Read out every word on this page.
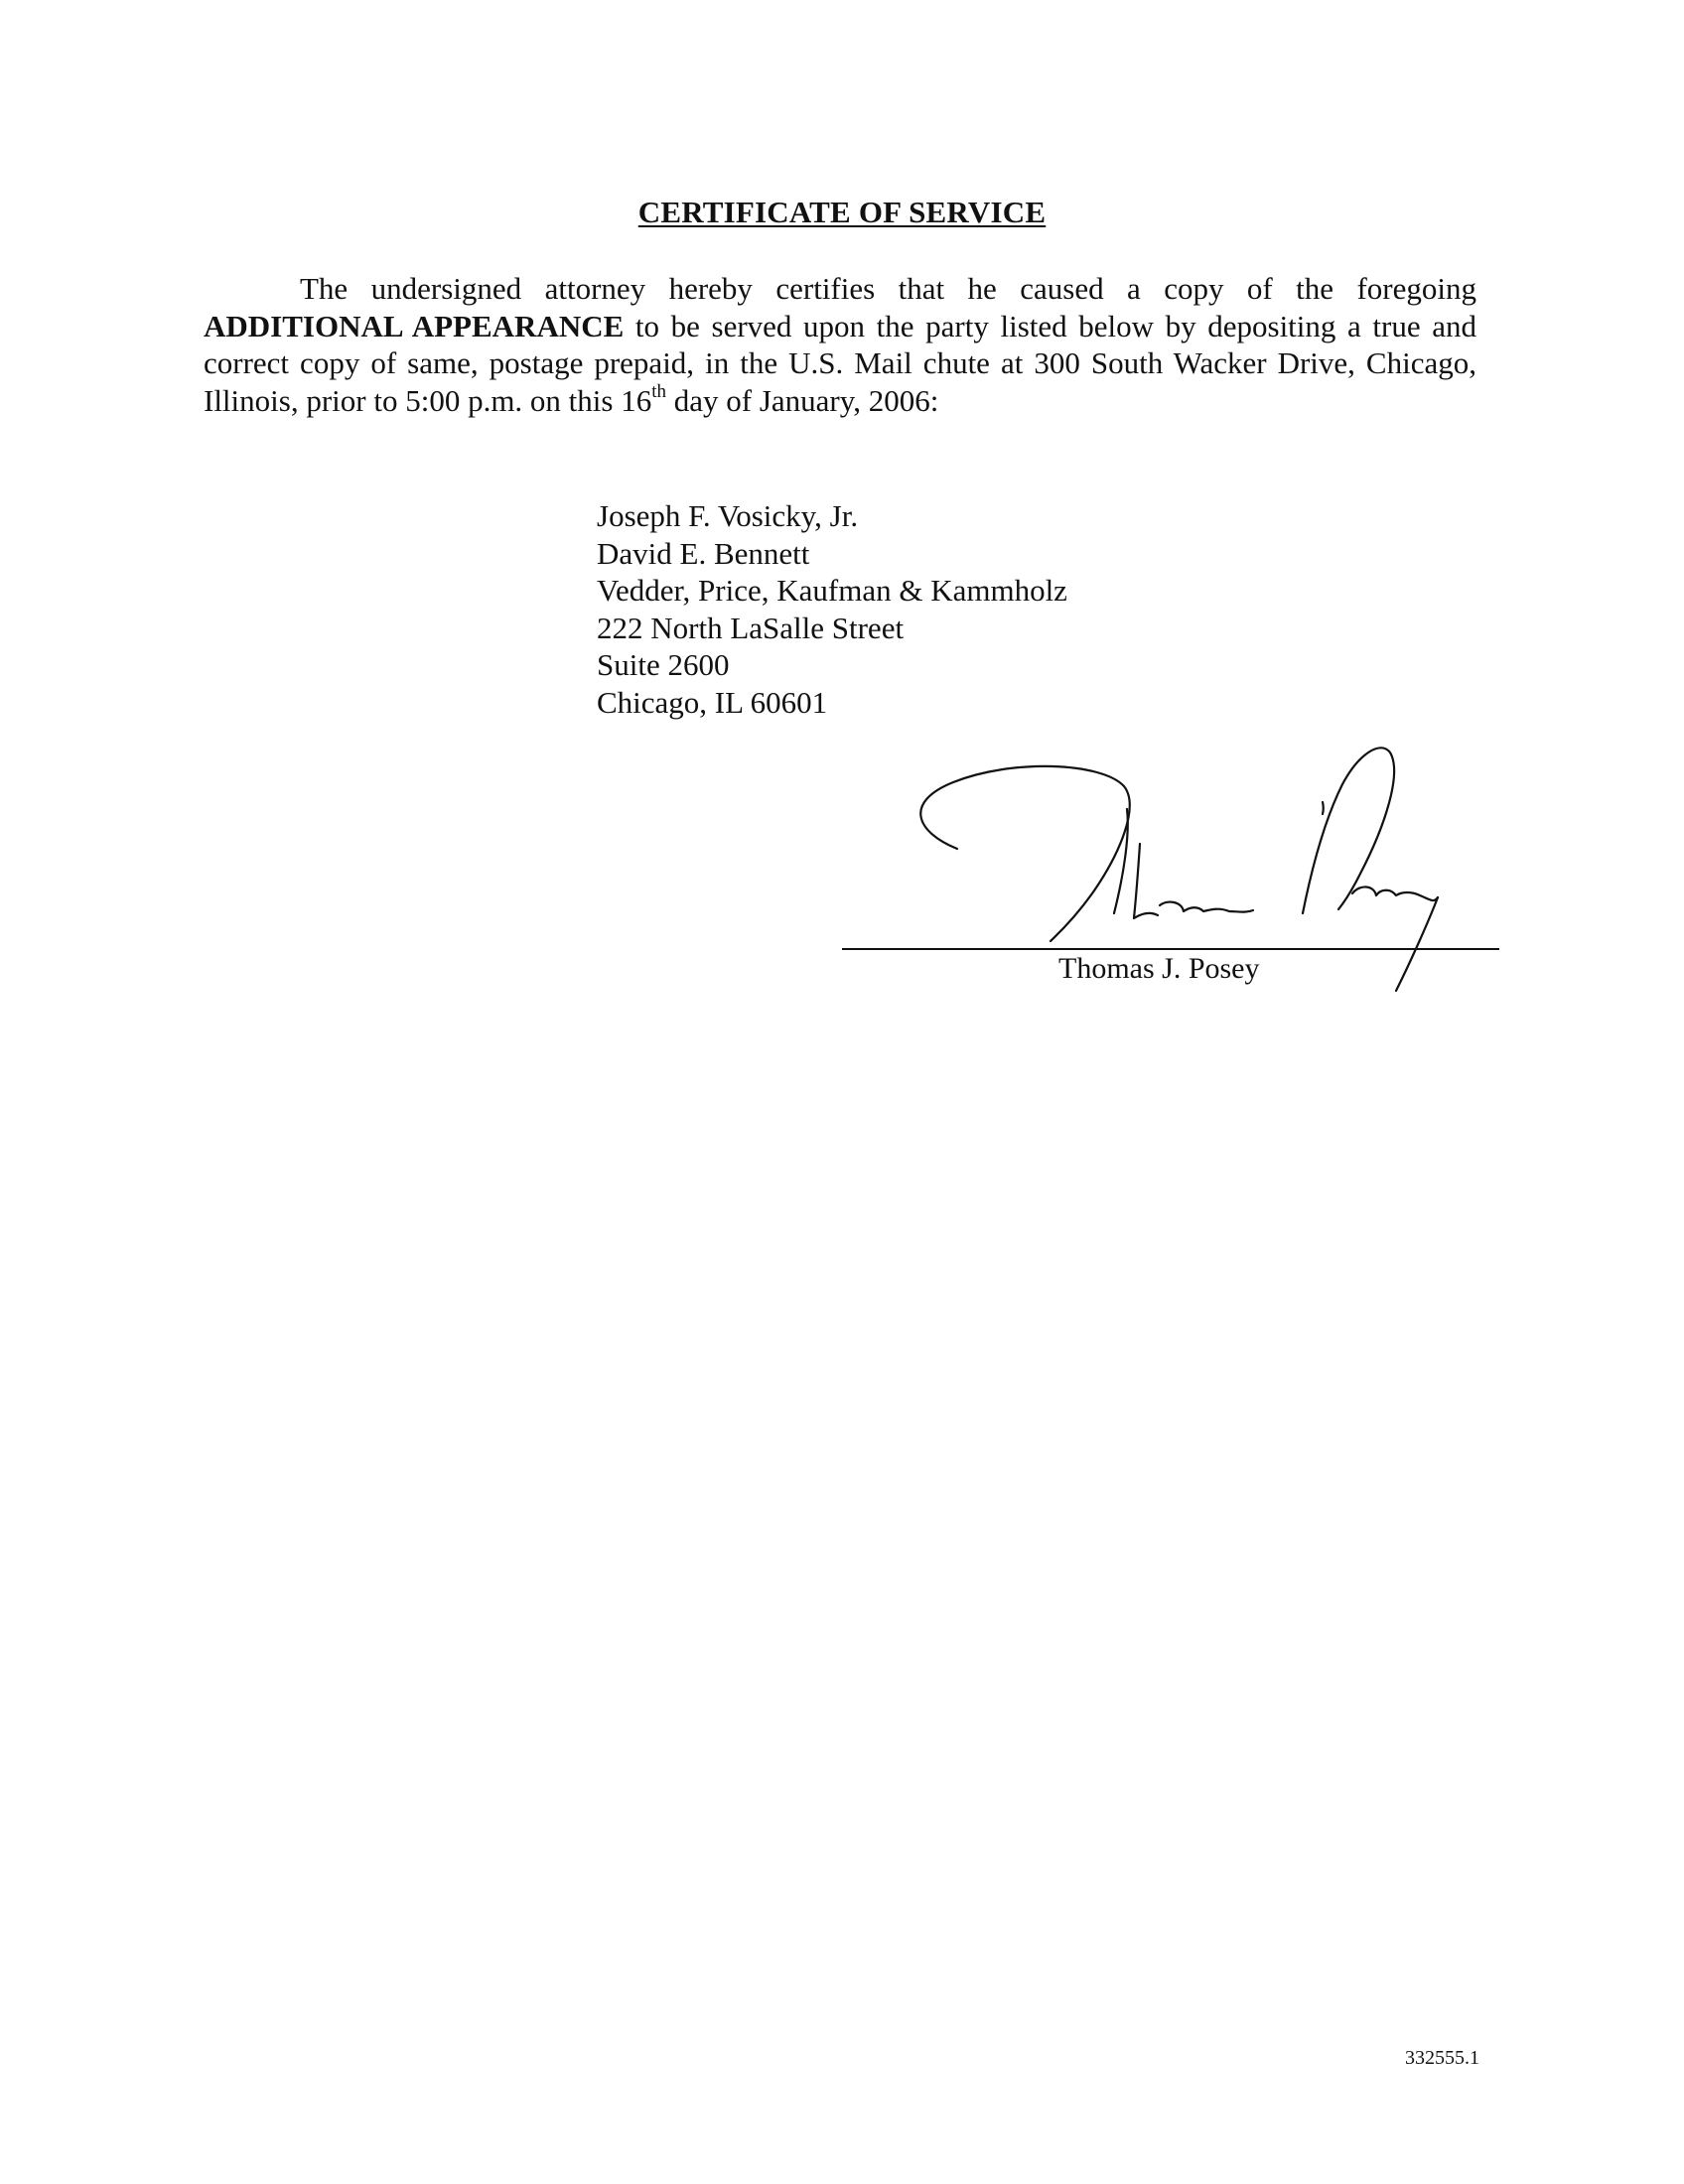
CERTIFICATE OF SERVICE
The undersigned attorney hereby certifies that he caused a copy of the foregoing ADDITIONAL APPEARANCE to be served upon the party listed below by depositing a true and correct copy of same, postage prepaid, in the U.S. Mail chute at 300 South Wacker Drive, Chicago, Illinois, prior to 5:00 p.m. on this 16th day of January, 2006:
Joseph F. Vosicky, Jr.
David E. Bennett
Vedder, Price, Kaufman & Kammholz
222 North LaSalle Street
Suite 2600
Chicago, IL 60601
Thomas J. Posey
332555.1
